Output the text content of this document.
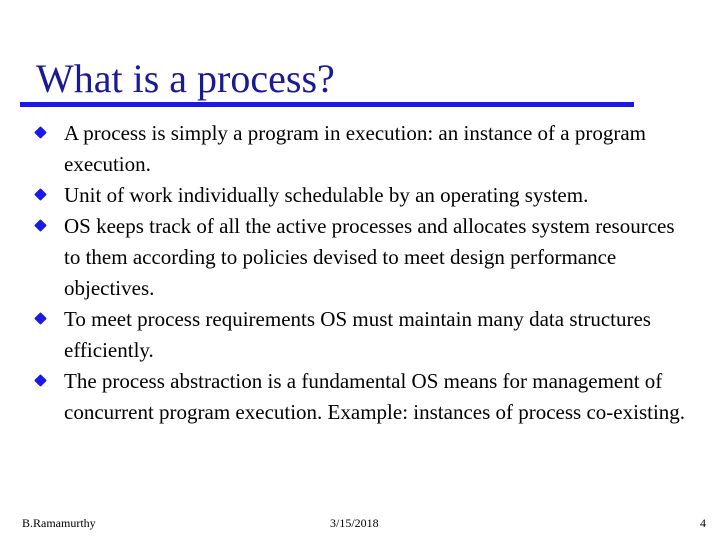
What is a process?
A process is simply a program in execution: an instance of a program execution.
Unit of work individually schedulable by an operating system.
OS keeps track of all the active processes and allocates system resources to them according to policies devised to meet design performance objectives.
To meet process requirements OS must maintain many data structures efficiently.
The process abstraction is a fundamental OS means for management of concurrent program execution. Example: instances of process co-existing.
B.Ramamurthy	3/15/2018	4
